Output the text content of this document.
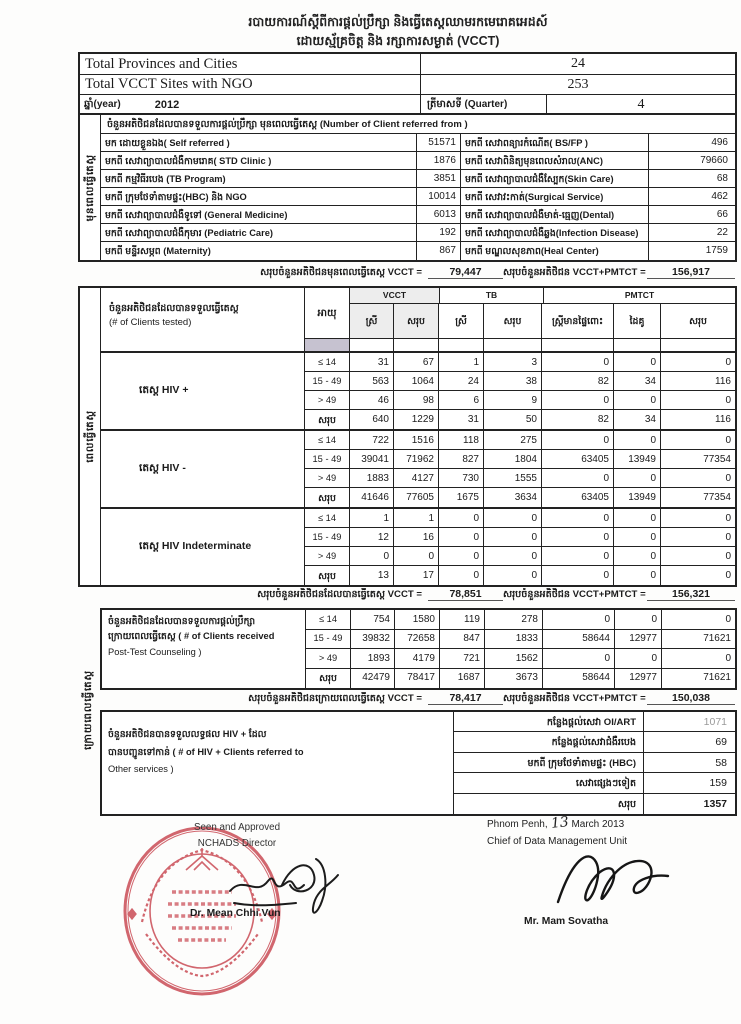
របាយការណ៍ស្តីពីការផ្តល់ប្រឹក្សា និងធ្វើតេស្តឈាមរកមេរោគអេដស៍
ដោយស្ម័គ្រចិត្ត និង រក្សាការសម្ងាត់ (VCCT)
Total Provinces and Cities	24
Total VCCT Sites with NGO	253
ឆ្នាំ(year)	2012	ត្រីមាសទី (Quarter)	4
មុនពេលធ្វើតេស្ត
ចំនួនអតិថិជនដែលបានទទួលការផ្តល់ប្រឹក្សា មុនពេលធ្វើតេស្ត (Number of Client referred from )
មក ដោយខ្លួនឯង( Self referred )	51571 មកពី សេវាពន្យារកំណើត( BS/FP )	496
មកពី សេវាព្យាបាលជំងឺកាមរោគ( STD Clinic )	1876 មកពី សេវាពិនិត្យមុនពេលសំរាល(ANC)	79660
មកពី កម្មវិធីរបេង (TB Program)	3851 មកពី សេវាព្យាបាលជំងឺស្បែក(Skin Care)	68
មកពី ក្រុមថែទាំតាមផ្ទះ(HBC) និង NGO	10014 មកពី សេវាវះកាត់(Surgical Service)	462
មកពី សេវាព្យាបាលជំងឺទូទៅ (General Medicine)	6013 មកពី សេវាព្យាបាលជំងឺមាត់-ធ្មេញ(Dental)	66
មកពី សេវាព្យាបាលជំងឺកុមារ (Pediatric Care)	192 មកពី សេវាព្យាបាលជំងឺឆ្លង(Infection Disease)	22
មកពី មន្ទីរសម្ភព (Maternity)	867 មកពី មណ្ឌលសុខភាព(Heal Center)	1759
សរុបចំនួនអតិថិជនមុនពេលធ្វើតេស្ត VCCT =	79,447	សរុបចំនួនអតិថិជន VCCT+PMTCT =	156,917
ពេលធ្វើតេស្ត
ចំនួនអតិថិជនដែលបានទទួលធ្វើតេស្ត
(# of Clients tested)
អាយុ
VCCT	TB	PMTCT
ស្រី	សរុប	ស្រី	សរុប	ស្ត្រីមានផ្ទៃពោះ	ដៃគូ	សរុប
តេស្ត HIV +
≤ 14	31	67	1	3	0	0	0
15 - 49	563	1064	24	38	82	34	116
> 49	46	98	6	9	0	0	0
សរុប	640	1229	31	50	82	34	116
តេស្ត HIV -
≤ 14	722	1516	118	275	0	0	0
15 - 49	39041	71962	827	1804	63405	13949	77354
> 49	1883	4127	730	1555	0	0	0
សរុប	41646	77605	1675	3634	63405	13949	77354
តេស្ត HIV Indeterminate
≤ 14	1	1	0	0	0	0	0
15 - 49	12	16	0	0	0	0	0
> 49	0	0	0	0	0	0	0
សរុប	13	17	0	0	0	0	0
សរុបចំនួនអតិថិជនដែលបានធ្វើតេស្ត VCCT =	78,851	សរុបចំនួនអតិថិជន VCCT+PMTCT =	156,321
ក្រោយពេលធ្វើតេស្ត
ចំនួនអតិថិជនដែលបានទទួលការផ្តល់ប្រឹក្សា
ក្រោយពេលធ្វើតេស្ត ( # of Clients received
Post-Test Counseling )
≤ 14	754	1580	119	278	0	0	0
15 - 49	39832	72658	847	1833	58644	12977	71621
> 49	1893	4179	721	1562	0	0	0
សរុប	42479	78417	1687	3673	58644	12977	71621
សរុបចំនួនអតិថិជនក្រោយពេលធ្វើតេស្ត VCCT =	78,417	សរុបចំនួនអតិថិជន VCCT+PMTCT =	150,038
ចំនួនអតិថិជនបានទទួលលទ្ធផល HIV + ដែល
បានបញ្ជូនទៅកាន់ ( # of HIV + Clients referred to
Other services )
កន្លែងផ្តល់សេវា OI/ART	1071
កន្លែងផ្តល់សេវាជំងឺរបេង	69
មកពី ក្រុមថែទាំតាមផ្ទះ (HBC)	58
សេវាផ្សេងៗទៀត	159
សរុប	1357
Seen and Approved
NCHADS Director
Dr. Mean Chhi Vun
Phnom Penh, 13 March 2013
Chief of Data Management Unit
Mr. Mam Sovatha
